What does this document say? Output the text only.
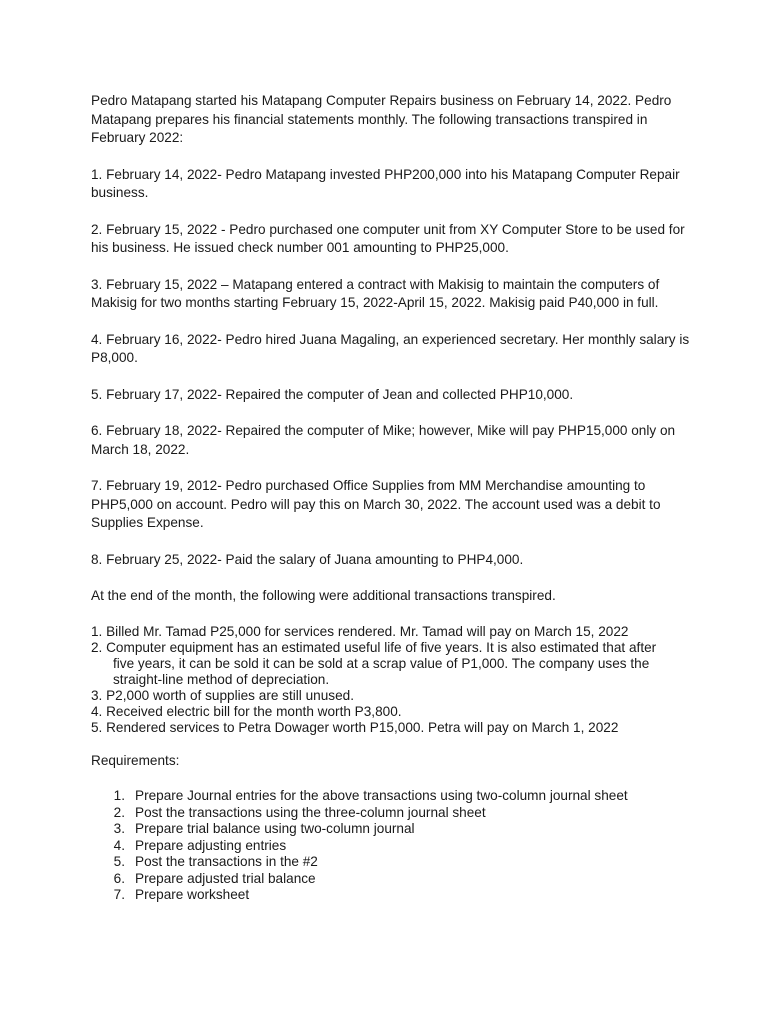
Pedro Matapang started his Matapang Computer Repairs business on February 14, 2022. Pedro Matapang prepares his financial statements monthly. The following transactions transpired in February 2022:

1. February 14, 2022- Pedro Matapang invested PHP200,000 into his Matapang Computer Repair business.

2. February 15, 2022 - Pedro purchased one computer unit from XY Computer Store to be used for his business. He issued check number 001 amounting to PHP25,000.

3. February 15, 2022 – Matapang entered a contract with Makisig to maintain the computers of Makisig for two months starting February 15, 2022-April 15, 2022. Makisig paid P40,000 in full.

4. February 16, 2022- Pedro hired Juana Magaling, an experienced secretary. Her monthly salary is P8,000.

5. February 17, 2022- Repaired the computer of Jean and collected PHP10,000.

6. February 18, 2022- Repaired the computer of Mike; however, Mike will pay PHP15,000 only on March 18, 2022.

7. February 19, 2012- Pedro purchased Office Supplies from MM Merchandise amounting to PHP5,000 on account. Pedro will pay this on March 30, 2022. The account used was a debit to Supplies Expense.

8. February 25, 2022- Paid the salary of Juana amounting to PHP4,000.

At the end of the month, the following were additional transactions transpired.

1. Billed Mr. Tamad P25,000 for services rendered. Mr. Tamad will pay on March 15, 2022

2. Computer equipment has an estimated useful life of five years. It is also estimated that after
five years, it can be sold it can be sold at a scrap value of P1,000. The company uses the straight-line method of depreciation.

3. P2,000 worth of supplies are still unused.

4. Received electric bill for the month worth P3,800.

5. Rendered services to Petra Dowager worth P15,000. Petra will pay on March 1, 2022

Requirements:

1. Prepare Journal entries for the above transactions using two-column journal sheet
2. Post the transactions using the three-column journal sheet
3. Prepare trial balance using two-column journal
4. Prepare adjusting entries
5. Post the transactions in the #2
6. Prepare adjusted trial balance
7. Prepare worksheet
